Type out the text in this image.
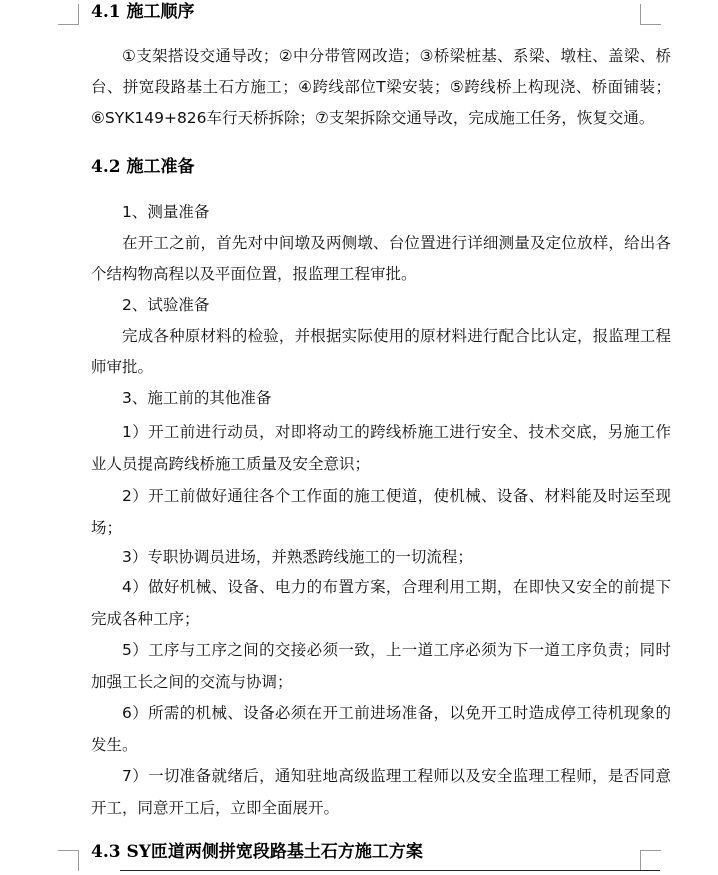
4.1 施工顺序

①支架搭设交通导改；②中分带管网改造；③桥梁桩基、系梁、墩柱、盖梁、桥台、拼宽段路基土石方施工；④跨线部位T梁安装；⑤跨线桥上构现浇、桥面铺装；⑥SYK149+826车行天桥拆除；⑦支架拆除交通导改，完成施工任务，恢复交通。

4.2 施工准备
1、测量准备

在开工之前，首先对中间墩及两侧墩、台位置进行详细测量及定位放样，给出各个结构物高程以及平面位置，报监理工程审批。

2、试验准备

完成各种原材料的检验，并根据实际使用的原材料进行配合比认定，报监理工程师审批。

3、施工前的其他准备

1）开工前进行动员，对即将动工的跨线桥施工进行安全、技术交底，另施工作业人员提高跨线桥施工质量及安全意识；

2）开工前做好通往各个工作面的施工便道，使机械、设备、材料能及时运至现场；

3）专职协调员进场，并熟悉跨线施工的一切流程；

4）做好机械、设备、电力的布置方案，合理利用工期，在即快又安全的前提下完成各种工序；

5）工序与工序之间的交接必须一致，上一道工序必须为下一道工序负责；同时加强工长之间的交流与协调；

6）所需的机械、设备必须在开工前进场准备，以免开工时造成停工待机现象的发生。

7）一切准备就绪后，通知驻地高级监理工程师以及安全监理工程师，是否同意开工，同意开工后，立即全面展开。

4.3 SY匝道两侧拼宽段路基土石方施工方案
